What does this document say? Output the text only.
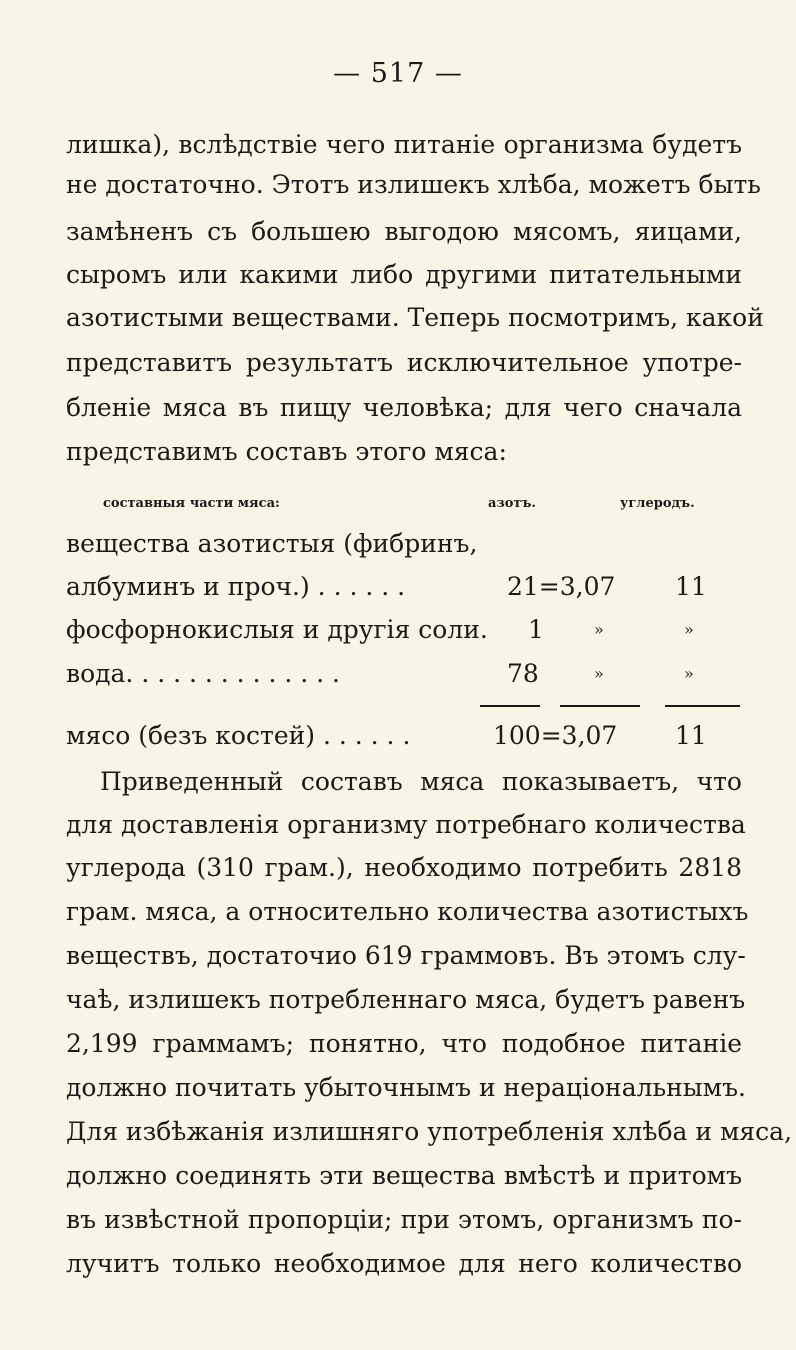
— 517 —
лишка), вслѣдствіе чего питаніе организма будетъ
не достаточно. Этотъ излишекъ хлѣба, можетъ быть
замѣненъ съ большею выгодою мясомъ, яицами,
сыромъ или какими либо другими питательными
азотистыми веществами. Теперь посмотримъ, какой
представитъ результатъ исключительное употре-
бленіе мяса въ пищу человѣка; для чего сначала
представимъ составъ этого мяса:
составныя части мяса:	азотъ.	углеродъ.
вещества азотистыя (фибринъ,
албуминъ и проч.) . . . . . .	21=3,07 11
фосфорнокислыя и другія соли. 1	»	»
вода. . . . . . . . . . . . . .	78	»	»
мясо (безъ костей) . . . . . .	100=3,07 11
Приведенный составъ мяса показываетъ, что
для доставленія организму потребнаго количества
углерода (310 грам.), необходимо потребить 2818
грам. мяса, а относительно количества азотистыхъ
веществъ, достаточио 619 граммовъ. Въ этомъ слу-
чаѣ, излишекъ потребленнаго мяса, будетъ равенъ
2,199 граммамъ; понятно, что подобное питаніе
должно почитать убыточнымъ и нераціональнымъ.
Для избѣжанія излишняго употребленія хлѣба и мяса,
должно соединять эти вещества вмѣстѣ и притомъ
въ извѣстной пропорціи; при этомъ, организмъ по-
лучитъ только необходимое для него количество
